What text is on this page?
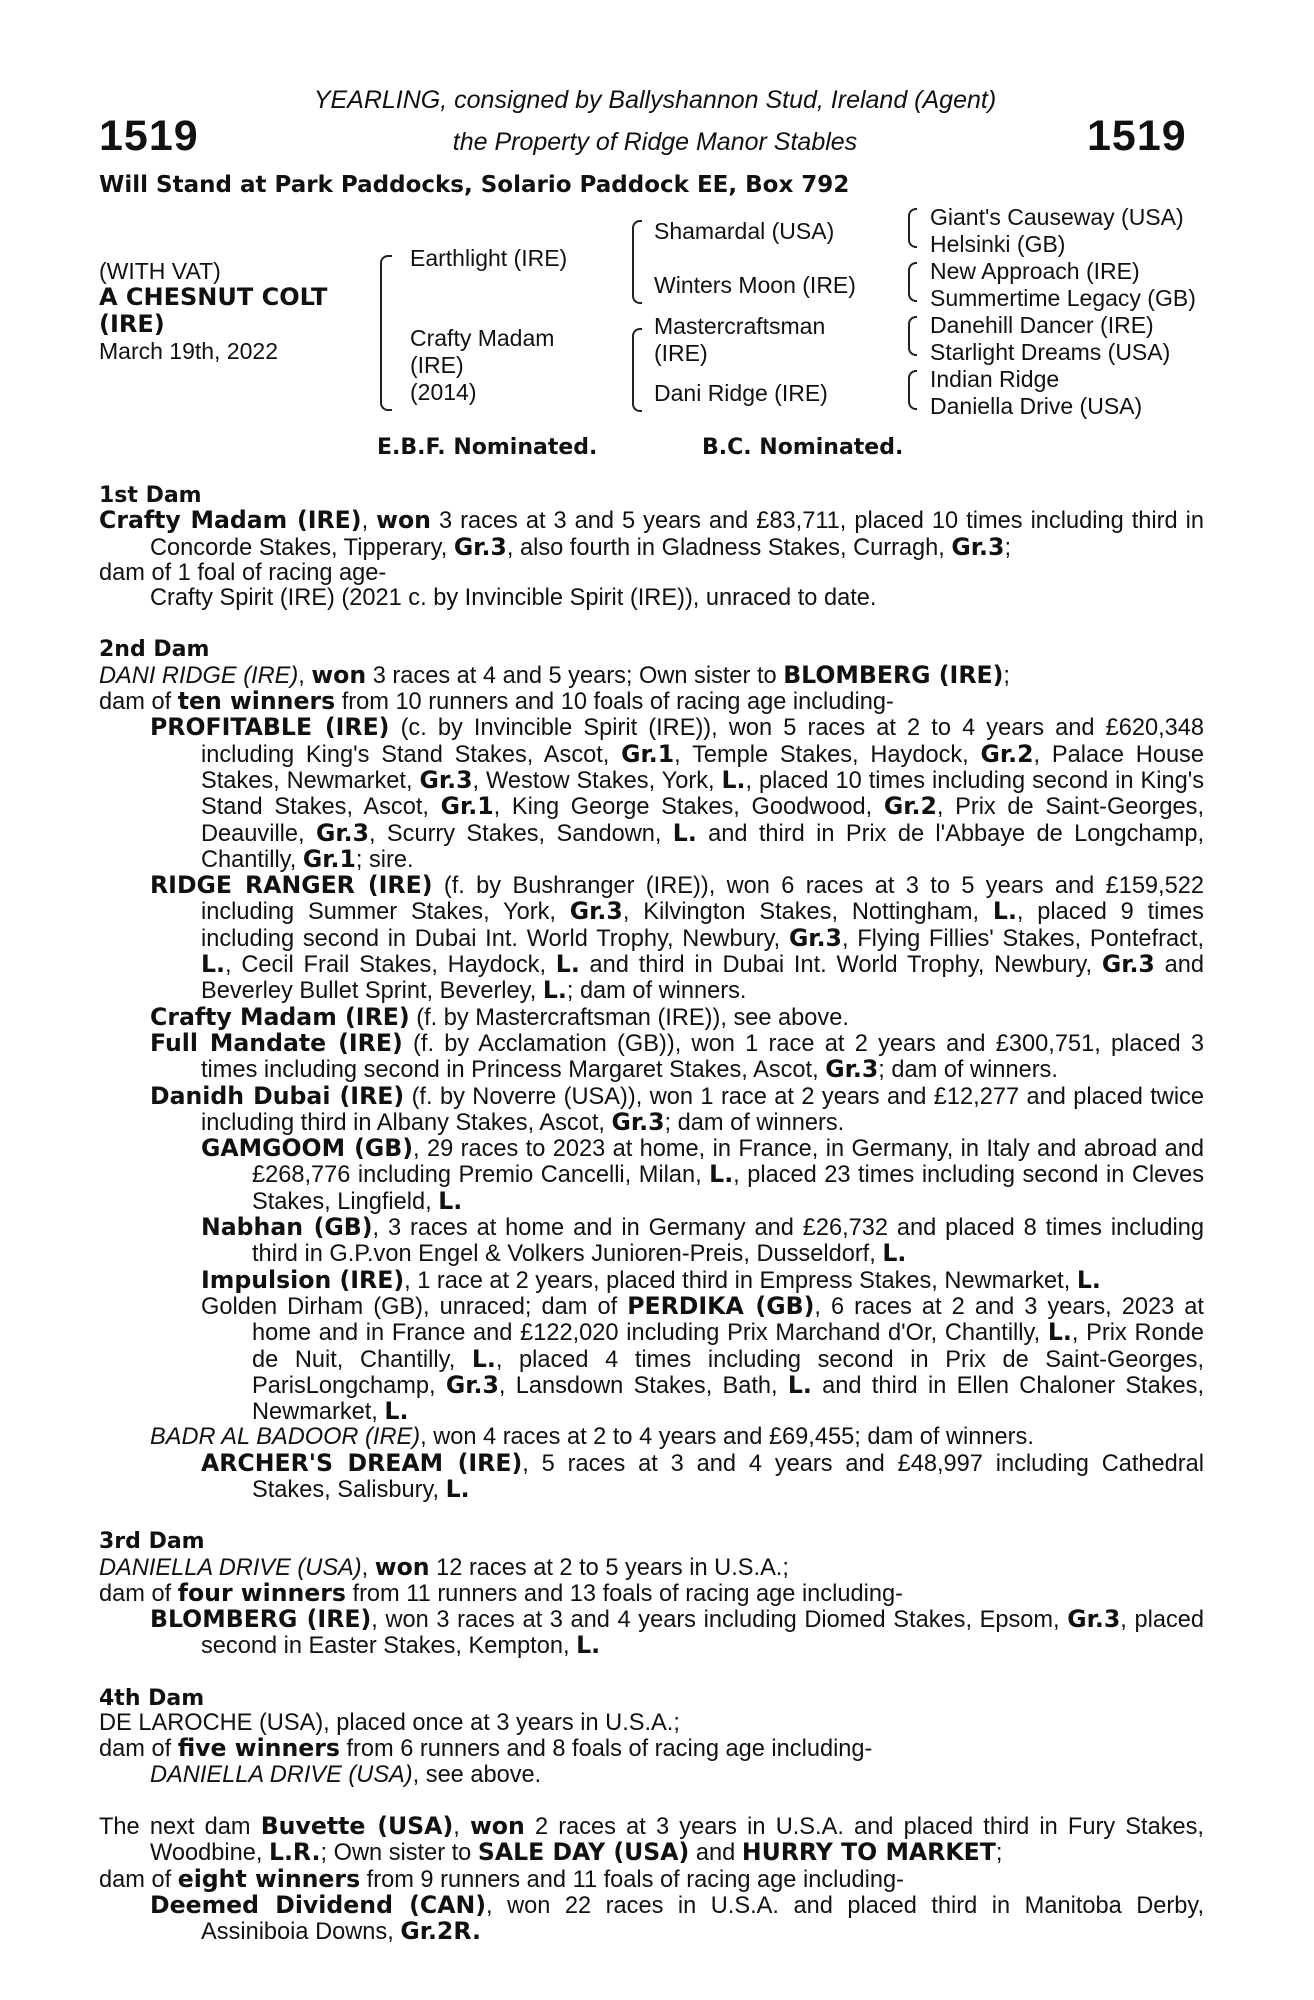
1519	1519
YEARLING, consigned by Ballyshannon Stud, Ireland (Agent)
the Property of Ridge Manor Stables
Will Stand at Park Paddocks, Solario Paddock EE, Box 792
(WITH VAT)
A CHESNUT COLT
(IRE)
March 19th, 2022
Earthlight (IRE)
Crafty Madam
(IRE)
(2014)
Shamardal (USA)
Winters Moon (IRE)
Mastercraftsman
(IRE)
Dani Ridge (IRE)
Giant's Causeway (USA)
Helsinki (GB)
New Approach (IRE)
Summertime Legacy (GB)
Danehill Dancer (IRE)
Starlight Dreams (USA)
Indian Ridge
Daniella Drive (USA)
E.B.F. Nominated.	B.C. Nominated.

1st Dam

Crafty Madam (IRE), won 3 races at 3 and 5 years and £83,711, placed 10 times including third in Concorde Stakes, Tipperary, Gr.3, also fourth in Gladness Stakes, Curragh, Gr.3;

dam of 1 foal of racing age-

Crafty Spirit (IRE) (2021 c. by Invincible Spirit (IRE)), unraced to date.

2nd Dam

DANI RIDGE (IRE), won 3 races at 4 and 5 years; Own sister to BLOMBERG (IRE);

dam of ten winners from 10 runners and 10 foals of racing age including-

PROFITABLE (IRE) (c. by Invincible Spirit (IRE)), won 5 races at 2 to 4 years and £620,348 including King's Stand Stakes, Ascot, Gr.1, Temple Stakes, Haydock, Gr.2, Palace House Stakes, Newmarket, Gr.3, Westow Stakes, York, L., placed 10 times including second in King's Stand Stakes, Ascot, Gr.1, King George Stakes, Goodwood, Gr.2, Prix de Saint-Georges, Deauville, Gr.3, Scurry Stakes, Sandown, L. and third in Prix de l'Abbaye de Longchamp, Chantilly, Gr.1; sire.

RIDGE RANGER (IRE) (f. by Bushranger (IRE)), won 6 races at 3 to 5 years and £159,522 including Summer Stakes, York, Gr.3, Kilvington Stakes, Nottingham, L., placed 9 times including second in Dubai Int. World Trophy, Newbury, Gr.3, Flying Fillies' Stakes, Pontefract, L., Cecil Frail Stakes, Haydock, L. and third in Dubai Int. World Trophy, Newbury, Gr.3 and Beverley Bullet Sprint, Beverley, L.; dam of winners.

Crafty Madam (IRE) (f. by Mastercraftsman (IRE)), see above.

Full Mandate (IRE) (f. by Acclamation (GB)), won 1 race at 2 years and £300,751, placed 3 times including second in Princess Margaret Stakes, Ascot, Gr.3; dam of winners.

Danidh Dubai (IRE) (f. by Noverre (USA)), won 1 race at 2 years and £12,277 and placed twice including third in Albany Stakes, Ascot, Gr.3; dam of winners.

GAMGOOM (GB), 29 races to 2023 at home, in France, in Germany, in Italy and abroad and £268,776 including Premio Cancelli, Milan, L., placed 23 times including second in Cleves Stakes, Lingfield, L.

Nabhan (GB), 3 races at home and in Germany and £26,732 and placed 8 times including third in G.P.von Engel & Volkers Junioren-Preis, Dusseldorf, L.

Impulsion (IRE), 1 race at 2 years, placed third in Empress Stakes, Newmarket, L.

Golden Dirham (GB), unraced; dam of PERDIKA (GB), 6 races at 2 and 3 years, 2023 at home and in France and £122,020 including Prix Marchand d'Or, Chantilly, L., Prix Ronde de Nuit, Chantilly, L., placed 4 times including second in Prix de Saint-Georges, ParisLongchamp, Gr.3, Lansdown Stakes, Bath, L. and third in Ellen Chaloner Stakes, Newmarket, L.

BADR AL BADOOR (IRE), won 4 races at 2 to 4 years and £69,455; dam of winners.

ARCHER'S DREAM (IRE), 5 races at 3 and 4 years and £48,997 including Cathedral Stakes, Salisbury, L.

3rd Dam

DANIELLA DRIVE (USA), won 12 races at 2 to 5 years in U.S.A.;

dam of four winners from 11 runners and 13 foals of racing age including-

BLOMBERG (IRE), won 3 races at 3 and 4 years including Diomed Stakes, Epsom, Gr.3, placed second in Easter Stakes, Kempton, L.

4th Dam

DE LAROCHE (USA), placed once at 3 years in U.S.A.;

dam of five winners from 6 runners and 8 foals of racing age including-

DANIELLA DRIVE (USA), see above.

The next dam Buvette (USA), won 2 races at 3 years in U.S.A. and placed third in Fury Stakes, Woodbine, L.R.; Own sister to SALE DAY (USA) and HURRY TO MARKET;

dam of eight winners from 9 runners and 11 foals of racing age including-

Deemed Dividend (CAN), won 22 races in U.S.A. and placed third in Manitoba Derby, Assiniboia Downs, Gr.2R.
